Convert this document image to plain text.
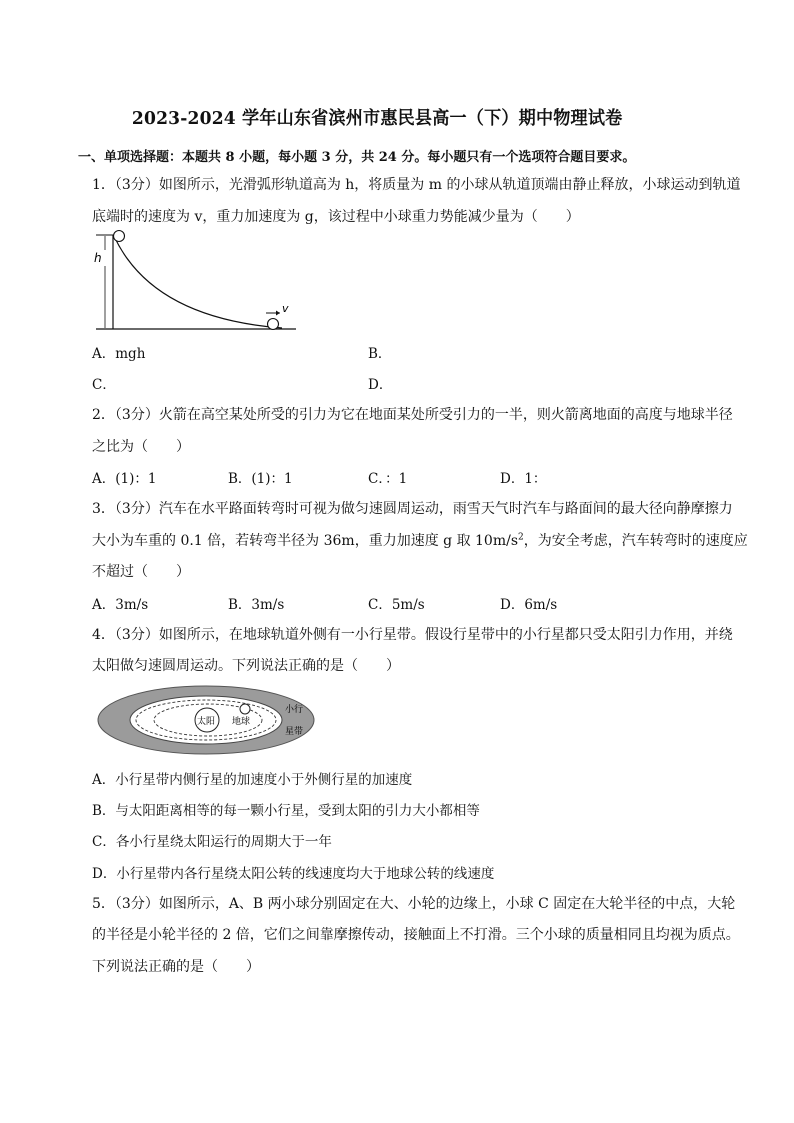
2023-2024 学年山东省滨州市惠民县高一（下）期中物理试卷
一、单项选择题：本题共 8 小题，每小题 3 分，共 24 分。每小题只有一个选项符合题目要求。
1．（3分）如图所示，光滑弧形轨道高为 h，将质量为 m 的小球从轨道顶端由静止释放，小球运动到轨道
底端时的速度为 v，重力加速度为 g，该过程中小球重力势能减少量为（　　）
h
v
A．mgh	B．
C．	D．
2．（3分）火箭在高空某处所受的引力为它在地面某处所受引力的一半，则火箭离地面的高度与地球半径
之比为（　　）
A．(1)：1	B．(1)：1	C．：1	D．1：
3．（3分）汽车在水平路面转弯时可视为做匀速圆周运动，雨雪天气时汽车与路面间的最大径向静摩擦力
大小为车重的 0.1 倍，若转弯半径为 36m，重力加速度 g 取 $10m/s^2$，为安全考虑，汽车转弯时的速度应
不超过（　　）
A．3m/s	B．3m/s	C．5m/s	D．6m/s
4．（3分）如图所示，在地球轨道外侧有一小行星带。假设行星带中的小行星都只受太阳引力作用，并绕
太阳做匀速圆周运动。下列说法正确的是（　　）
太阳 地球
小行
星带
A．小行星带内侧行星的加速度小于外侧行星的加速度
B．与太阳距离相等的每一颗小行星，受到太阳的引力大小都相等
C．各小行星绕太阳运行的周期大于一年
D．小行星带内各行星绕太阳公转的线速度均大于地球公转的线速度
5．（3分）如图所示，A、B 两小球分别固定在大、小轮的边缘上，小球 C 固定在大轮半径的中点，大轮
的半径是小轮半径的 2 倍，它们之间靠摩擦传动，接触面上不打滑。三个小球的质量相同且均视为质点。
下列说法正确的是（　　）
